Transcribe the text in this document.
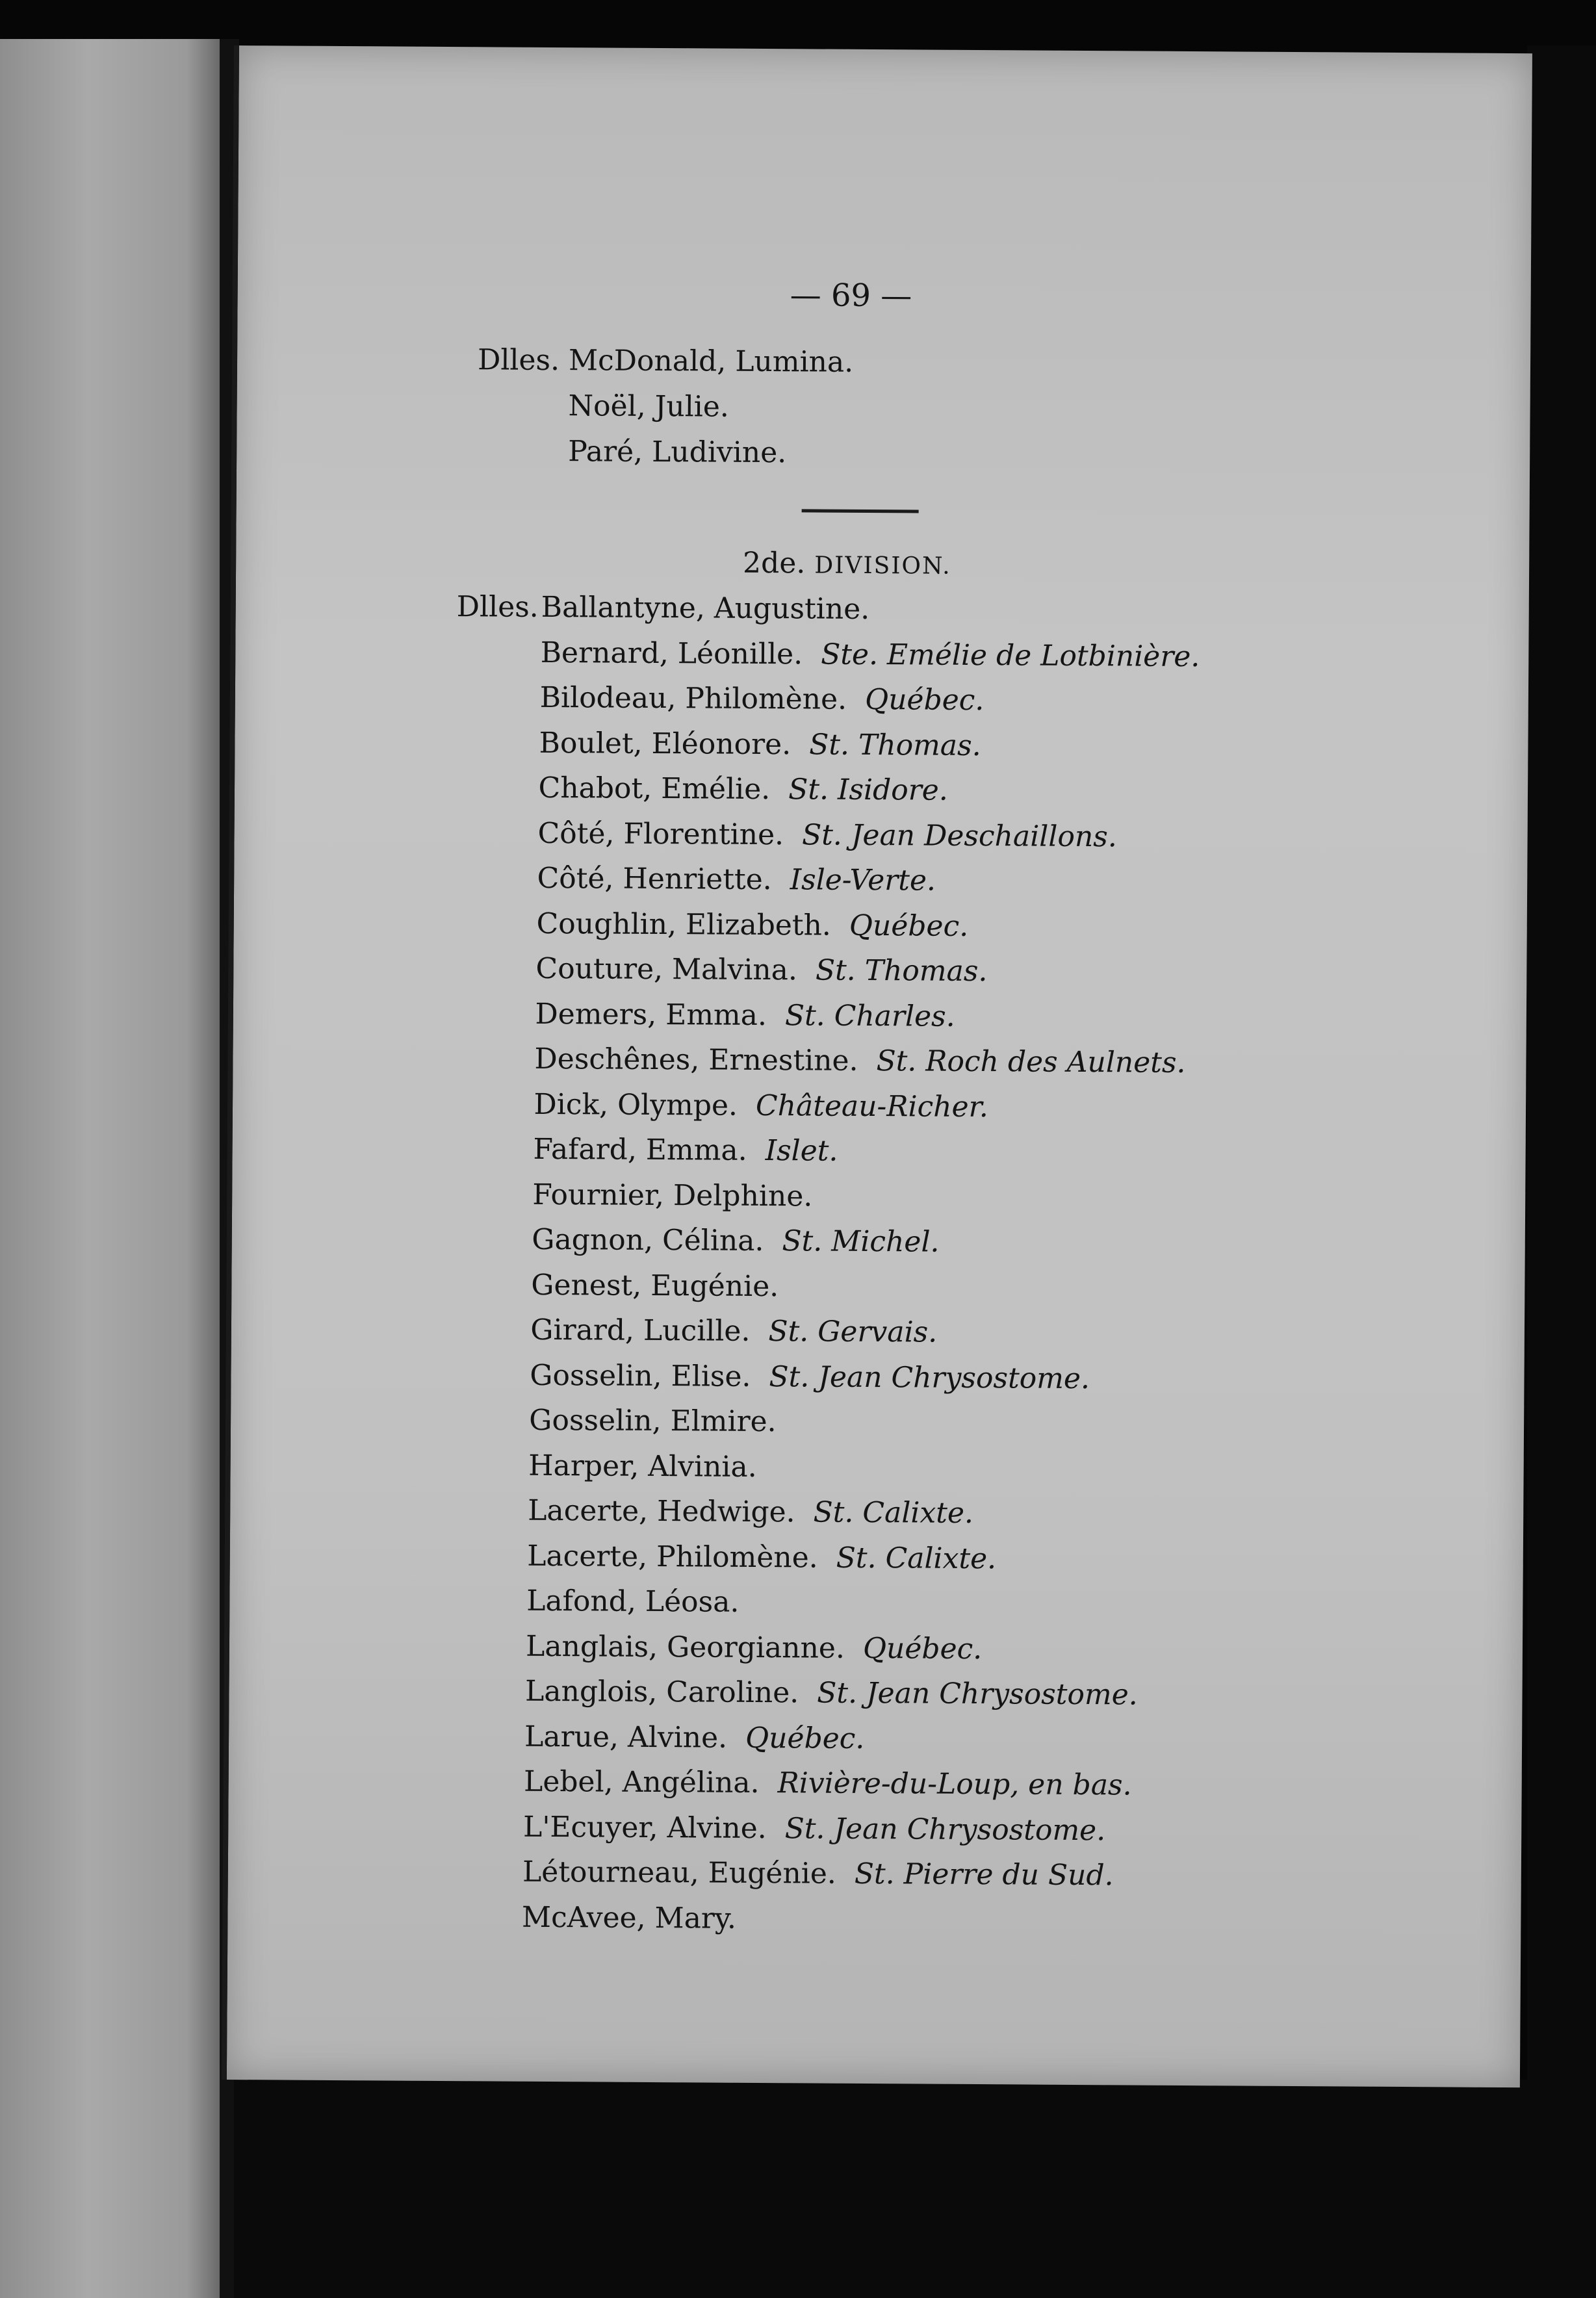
— 69 —
Dlles. McDonald, Lumina.
Noël, Julie.
Paré, Ludivine.
2de. DIVISION.
Dlles. Ballantyne, Augustine.
Bernard, Léonille. Ste. Emélie de Lotbinière.
Bilodeau, Philomène. Québec.
Boulet, Eléonore. St. Thomas.
Chabot, Emélie. St. Isidore.
Côté, Florentine. St. Jean Deschaillons.
Côté, Henriette. Isle-Verte.
Coughlin, Elizabeth. Québec.
Couture, Malvina. St. Thomas.
Demers, Emma. St. Charles.
Deschênes, Ernestine. St. Roch des Aulnets.
Dick, Olympe. Château-Richer.
Fafard, Emma. Islet.
Fournier, Delphine.
Gagnon, Célina. St. Michel.
Genest, Eugénie.
Girard, Lucille. St. Gervais.
Gosselin, Elise. St. Jean Chrysostome.
Gosselin, Elmire.
Harper, Alvinia.
Lacerte, Hedwige. St. Calixte.
Lacerte, Philomène. St. Calixte.
Lafond, Léosa.
Langlais, Georgianne. Québec.
Langlois, Caroline. St. Jean Chrysostome.
Larue, Alvine. Québec.
Lebel, Angélina. Rivière-du-Loup, en bas.
L'Ecuyer, Alvine. St. Jean Chrysostome.
Létourneau, Eugénie. St. Pierre du Sud.
McAvee, Mary.
